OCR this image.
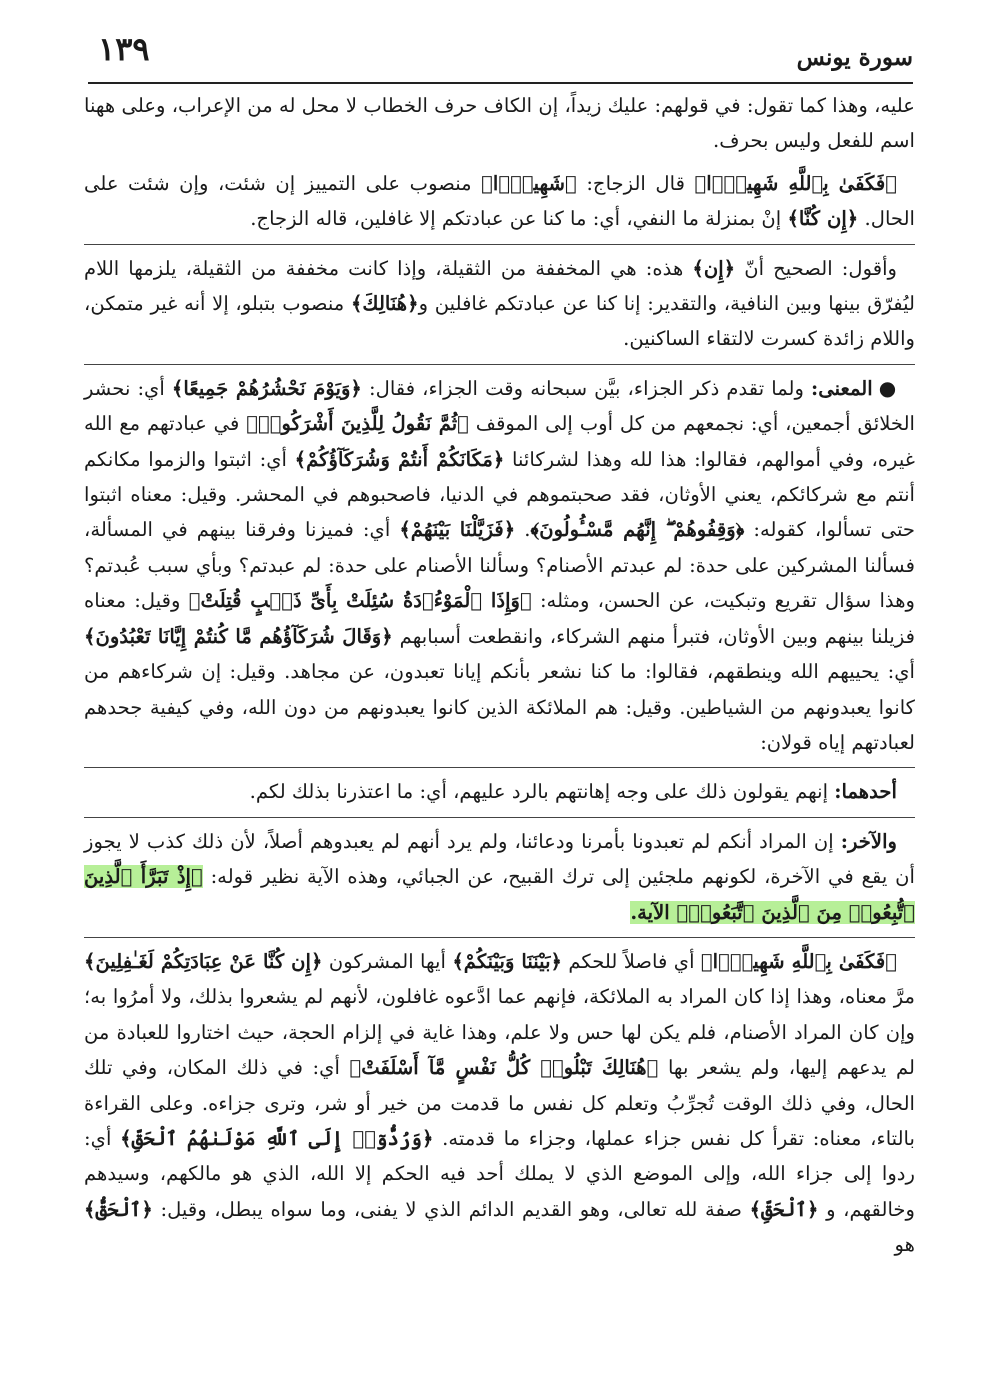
سورة يونس
١٣٩

عليه، وهذا كما تقول: في قولهم: عليك زيداً، إن الكاف حرف الخطاب لا محل له من الإعراب، وعلى ههنا اسم للفعل وليس بحرف.

﴿فَكَفَىٰ بِٱللَّهِ شَهِيدًۢا﴾ قال الزجاج: ﴿شَهِيدًۢا﴾ منصوب على التمييز إن شئت، وإن شئت على الحال. ﴿إِن كُنَّا﴾ إنْ بمنزلة ما النفي، أي: ما كنا عن عبادتكم إلا غافلين، قاله الزجاج.

وأقول: الصحيح أنّ ﴿إِن﴾ هذه: هي المخففة من الثقيلة، وإذا كانت مخففة من الثقيلة، يلزمها اللام ليُفرّق بينها وبين النافية، والتقدير: إنا كنا عن عبادتكم غافلين و﴿هُنَالِكَ﴾ منصوب بتبلو، إلا أنه غير متمكن، واللام زائدة كسرت لالتقاء الساكنين.

●المعنى: ولما تقدم ذكر الجزاء، بيَّن سبحانه وقت الجزاء، فقال: ﴿وَيَوْمَ نَحْشُرُهُمْ جَمِيعًا﴾ أي: نحشر الخلائق أجمعين، أي: نجمعهم من كل أوب إلى الموقف ﴿ثُمَّ نَقُولُ لِلَّذِينَ أَشْرَكُوا۟﴾ في عبادتهم مع الله غيره، وفي أموالهم، فقالوا: هذا لله وهذا لشركائنا ﴿مَكَانَكُمْ أَنتُمْ وَشُرَكَآؤُكُمْ﴾ أي: اثبتوا والزموا مكانكم أنتم مع شركائكم، يعني الأوثان، فقد صحبتموهم في الدنيا، فاصحبوهم في المحشر. وقيل: معناه اثبتوا حتى تسألوا، كقوله: ﴿وَقِفُوهُمْ ۖ إِنَّهُم مَّسْـُٔولُونَ﴾. ﴿فَزَيَّلْنَا بَيْنَهُمْ﴾ أي: فميزنا وفرقنا بينهم في المسألة، فسألنا المشركين على حدة: لم عبدتم الأصنام؟ وسألنا الأصنام على حدة: لم عبدتم؟ وبأي سبب عُبدتم؟ وهذا سؤال تقريع وتبكيت، عن الحسن، ومثله: ﴿وَإِذَا ٱلْمَوْءُۥدَةُ سُئِلَتْ بِأَىِّ ذَنۢبٍ قُتِلَتْ﴾ وقيل: معناه فزيلنا بينهم وبين الأوثان، فتبرأ منهم الشركاء، وانقطعت أسبابهم ﴿وَقَالَ شُرَكَآؤُهُم مَّا كُنتُمْ إِيَّانَا تَعْبُدُونَ﴾ أي: يحييهم الله وينطقهم، فقالوا: ما كنا نشعر بأنكم إيانا تعبدون، عن مجاهد. وقيل: إن شركاءهم من كانوا يعبدونهم من الشياطين. وقيل: هم الملائكة الذين كانوا يعبدونهم من دون الله، وفي كيفية جحدهم لعبادتهم إياه قولان:

أحدهما: إنهم يقولون ذلك على وجه إهانتهم بالرد عليهم، أي: ما اعتذرنا بذلك لكم.

والآخر: إن المراد أنكم لم تعبدونا بأمرنا ودعائنا، ولم يرد أنهم لم يعبدوهم أصلاً، لأن ذلك كذب لا يجوز أن يقع في الآخرة، لكونهم ملجئين إلى ترك القبيح، عن الجبائي، وهذه الآية نظير قوله: ﴿إِذْ تَبَرَّأَ ٱلَّذِينَ ٱتُّبِعُوا۟ مِنَ ٱلَّذِينَ ٱتَّبَعُوا۟﴾ الآية.

﴿فَكَفَىٰ بِٱللَّهِ شَهِيدًۢا﴾ أي فاصلاً للحكم ﴿بَيْنَنَا وَبَيْنَكُمْ﴾ أيها المشركون ﴿إِن كُنَّا عَنْ عِبَادَتِكُمْ لَغَـٰفِلِينَ﴾ مرَّ معناه، وهذا إذا كان المراد به الملائكة، فإنهم عما ادَّعوه غافلون، لأنهم لم يشعروا بذلك، ولا أمرُوا به؛ وإن كان المراد الأصنام، فلم يكن لها حس ولا علم، وهذا غاية في إلزام الحجة، حيث اختاروا للعبادة من لم يدعهم إليها، ولم يشعر بها ﴿هُنَالِكَ تَبْلُوا۟ كُلُّ نَفْسٍ مَّآ أَسْلَفَتْ﴾ أي: في ذلك المكان، وفي تلك الحال، وفي ذلك الوقت تُجرِّبُ وتعلم كل نفس ما قدمت من خير أو شر، وترى جزاءه. وعلى القراءة بالتاء، معناه: تقرأ كل نفس جزاء عملها، وجزاء ما قدمته. ﴿وَرُدُّوٓا۟ إِلَى ٱللَّهِ مَوْلَىٰهُمُ ٱلْحَقِّ﴾ أي: ردوا إلى جزاء الله، وإلى الموضع الذي لا يملك أحد فيه الحكم إلا الله، الذي هو مالكهم، وسيدهم وخالقهم، و ﴿ٱلْحَقِّ﴾ صفة لله تعالى، وهو القديم الدائم الذي لا يفنى، وما سواه يبطل، وقيل: ﴿ٱلْحَقُّ﴾ هو
